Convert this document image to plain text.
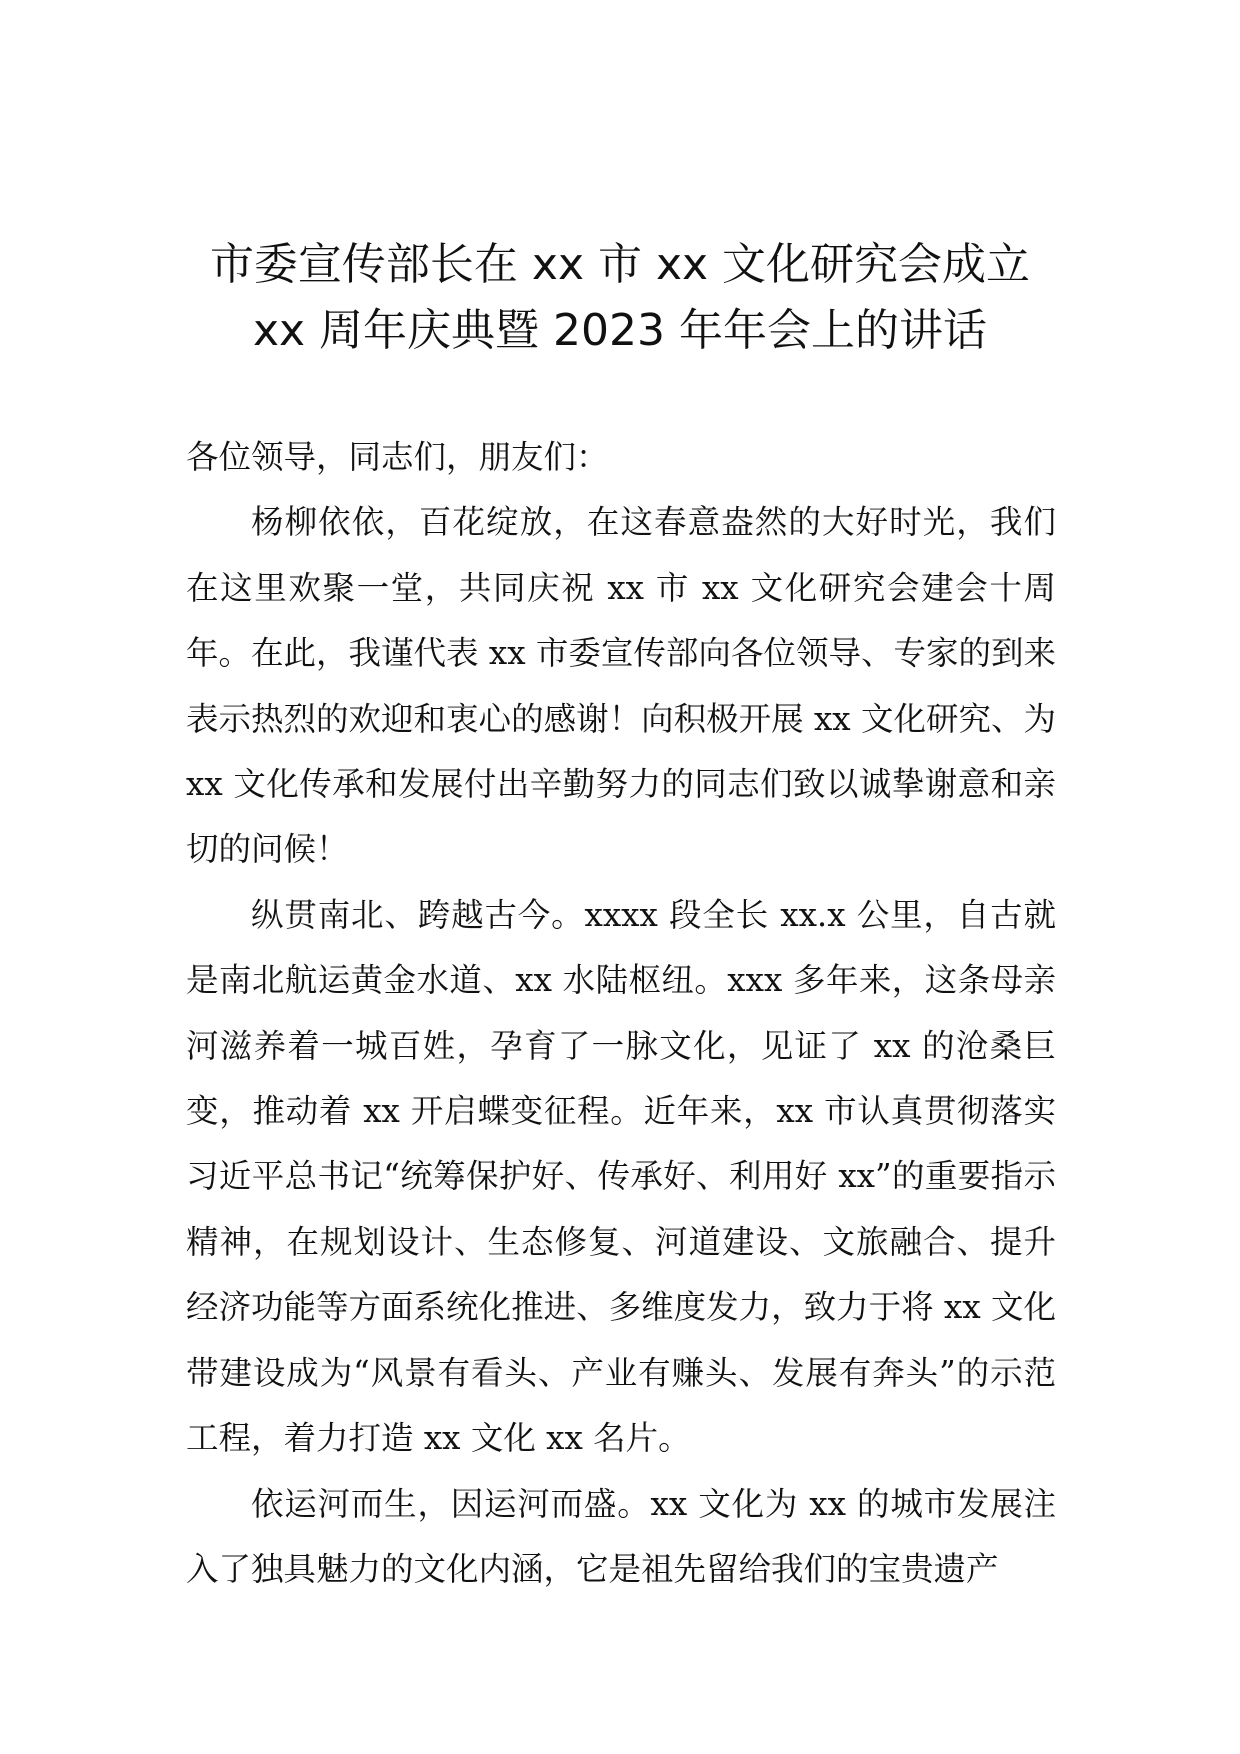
市委宣传部长在 xx 市 xx 文化研究会成立
xx 周年庆典暨 2023 年年会上的讲话

各位领导，同志们，朋友们：

杨柳依依，百花绽放，在这春意盎然的大好时光，我们在这里欢聚一堂，共同庆祝 xx 市 xx 文化研究会建会十周年。在此，我谨代表 xx 市委宣传部向各位领导、专家的到来表示热烈的欢迎和衷心的感谢！向积极开展 xx 文化研究、为 xx 文化传承和发展付出辛勤努力的同志们致以诚挚谢意和亲切的问候！

纵贯南北、跨越古今。xxxx 段全长 xx.x 公里，自古就是南北航运黄金水道、xx 水陆枢纽。xxx 多年来，这条母亲河滋养着一城百姓，孕育了一脉文化，见证了 xx 的沧桑巨变，推动着 xx 开启蝶变征程。近年来，xx 市认真贯彻落实习近平总书记“统筹保护好、传承好、利用好 xx”的重要指示精神，在规划设计、生态修复、河道建设、文旅融合、提升经济功能等方面系统化推进、多维度发力，致力于将 xx 文化带建设成为“风景有看头、产业有赚头、发展有奔头”的示范工程，着力打造 xx 文化 xx 名片。

依运河而生，因运河而盛。xx 文化为 xx 的城市发展注入了独具魅力的文化内涵，它是祖先留给我们的宝贵遗产
